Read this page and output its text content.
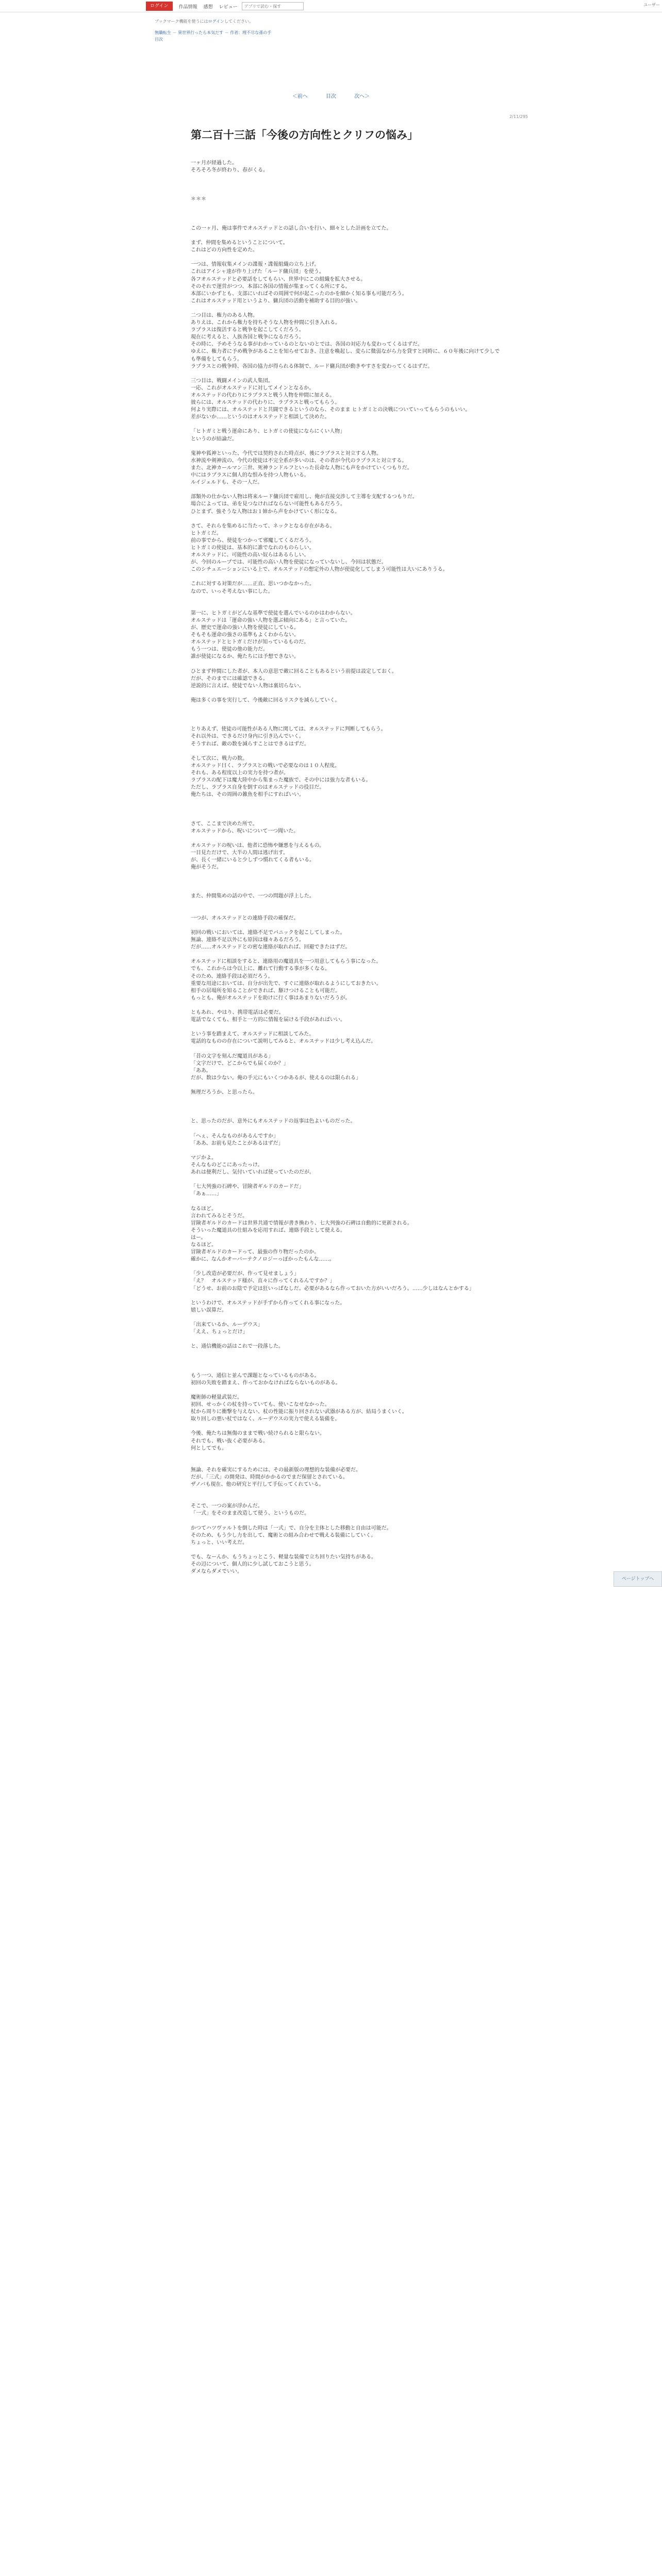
ログイン	作品情報 感想 レビュー
アプリで読む・探す	ユーザー
ブックマーク機能を使うにはログインしてください。
無職転生 － 異世界行ったら本気だす － 作者：理不尽な孫の手
目次
＜前へ	目次	次へ＞
2/11/295
第二百十三話「今後の方向性とクリフの悩み」
一ヶ月が経過した。
そろそろ冬が終わり、春がくる。
＊＊＊
この一ヶ月、俺は事件でオルステッドとの話し合いを行い、細々とした計画を立てた。
まず、仲間を集めるということについて。
これはどの方向性を定めた。
一つは、情報収集メインの諜報・諜報組織の立ち上げ。
これはアイシャ達が作り上げた「ルード傭兵団」を使う。
各フオルステッドと必要話をしてもらい、世界中にこの組織を拡大させる。
そのそれで運営がつつ、本部に各国の情報が集まってくる所にする。
本部にいかずとも、支部にいればその周囲で何が起こったのかを細かく知る事も可能だろう。
これはオルステッド用というより、傭兵団の活動を補助する目的が強い。
二つ目は、権力のある人物。
ありえは、これから権力を持ちそうな人物を仲間に引き入れる。
ラプラスは復活すると戦争を起こしてくだろう。
現在に考えると、人族各国と戦争になるだろう。
その時に、予めそうなる事がわかっているのとないのとでは、各国の対応力も変わってくるはずだ。
ゆえに、権力者に予め戦争があることを知らせておき、注意を喚起し、変らに微弱ながら力を貸すと同時に、６０年後に向けて少しでも準備をしてもらう。
ラプラスとの戦争時、各国の協力が得られる体制で、ルード傭兵団が動きやすさを変わってくるはずだ。
三つ目は、戦闘メインの武人集団。
一応、これがオルステッドに対してメインとなるか。
オルステッドの代わりにラプラスと戦う人物を仲間に加える。
彼らには、オルステッドの代わりに、ラプラスと戦ってもらう。
何より実際には、オルステッドと共闘できるというのなら、そのまま ヒトガミとの決戦についていってもらうのもいい。
差がないか……というのはオルステッドと相談して決めた。
「ヒトガミと戦う運命にあり、ヒトガミの使徒にならにくい人物」
というのが結論だ。
鬼神や狐神といった、今代では契約された時点が、後にラプラスと対立する人物。
水神流や剣神流の、今代の使徒は不完全系が多いのは、その者が今代のラプラスと対立する。
また、北神カールマン三世、死神ランドルフといった長命な人物にも声をかけていくつもりだ。
中にはラプラスに個人的な恨みを持つ人物もいる。
ルイジェルドも、その一人だ。
部類外の仕かない人物は将来ルード傭兵団で雇用し、俺が直接交渉して主導を支配するつもりだ。
場合によっては、弟を見つなければならない可能性もあるだろう。
ひとまず、強そうな人物はお１姉から声をかけていく形になる。
さて、それらを集めるに当たって、ネックとなる存在がある。
ヒトガミだ。
前の事でから、使徒をつかって邪魔してくるだろう。
ヒトガミの使徒は、基本的に誰でなれのものらしい。
オルステッドに、可能性の高い奴らはあるらしい。
が、今回のループでは、可能性の高い人物を使徒になっていないし、今回は状態だ。
このシチュエーションにいる上で、オルステッドの想定外の人物が使徒化してしまう可能性は大いにありうる。
これに対する対策だが……正直、思いつかなかった。
なので、いっそ考えない事にした。
第一に、ヒトガミがどんな基準で使徒を選んでいるのかはわからない。
オルステッドは「運命の強い人物を選ぶ傾向にある」と言っていた。
が、歴史で運命の強い人物を使徒にしている。
そもそも運命の強さの基準もよくわからない。
オルステッドとヒトガミだけが知っているものだ。
もう一つは、使徒の他の能力だ。
誰が使徒になるか、俺たちには予想できない。
ひとまず仲間にした者が、本人の意思で敵に回ることもあるという前提は設定しておく。
だが、そのまでには確認できる。
逆説的に言えば、使徒でない人物は裏切らない。
俺は多くの事を実行して、今後敵に回るリスクを減らしていく。
とりあえず、使徒の可能性がある人物に関しては、オルステッドに判断してもらう。
それ以外は、できるだけ身内に引き込んでいく。
そうすれば、敵の数を減らすことはできるはずだ。
そして次に、戦力の数。
オルステッド曰く、ラプラスとの戦いで必要なのは１０人程度。
それも、ある程度以上の実力を持つ者が。
ラプラスの配下は魔大陸中から集まった魔族で、その中には強力な者もいる。
ただし、ラプラス自身を倒すのはオルステッドの役目だ。
俺たちは、その周囲の雑魚を相手にすればいい。
さて、ここまで決めた所で。
オルステッドから、呪いについて一つ聞いた。
オルステッドの呪いは、他者に恐怖や嫌悪を与えるもの。
一目見ただけで、大半の人間は逃げ出す。
が、長く一緒にいると少しずつ慣れてくる者もいる。
俺がそうだ。
また、仲間集めの話の中で、一つの問題が浮上した。
一つが、オルステッドとの連絡手段の確保だ。
初回の戦いにおいては、連絡不足でパニックを起こしてしまった。
無論、連絡不足以外にも原因は様々あるだろう。
だが……オルステッドとの密な連絡が取れれば、回避できたはずだ。
オルステッドに相談をすると、連絡用の魔道具を一つ用意してもらう事になった。
でも、これからは今以上に、離れて行動する事が多くなる。
そのため、連絡手段は必須だろう。
重要な用途においては、自分が出先で、すぐに連絡が取れるようにしておきたい。
相手の居場所を知ることができれば、駆けつけることも可能だ。
もっとも、俺がオルステッドを助けに行く事はあまりないだろうが。
ともあれ、やはり、携帯電話は必要だ。
電話でなくても、相手と一方的に情報を届ける手段があればいい。
という事を踏まえて、オルステッドに相談してみた。
電話的なものの存在について説明してみると、オルステッドは少し考え込んだ。
「昔の文字を刻んだ魔道具がある」
「文字だけで、どこからでも届くのか？」
「ああ。
だが、数は少ない。俺の手元にもいくつかあるが、使えるのは限られる」
無理だろうか、と思ったら。
と、思ったのだが、意外にもオルステッドの返事は色よいものだった。
「へぇ、そんなものがあるんですか」
「ああ、お前も見たことがあるはずだ」
マジかよ。
そんなものどこにあったっけ。
あれは便利だし、気付いていれば使っていたのだが。
「七大列強の石碑や、冒険者ギルドのカードだ」
「あぁ……」
なるほど。
言われてみるとそうだ。
冒険者ギルドのカードは世界共通で情報が書き換わり、七大列強の石碑は自動的に更新される。
そういった魔道具の仕組みを応用すれば、連絡手段として使える。
はー。
なるほど。
冒険者ギルドのカードって、最強の作り物だったのか。
確かに、なんかオーバーテクノロジーっぽかったもんな……。
「少し改造が必要だが、作って見せましょう」
「え？　オルステッド様が、直々に作ってくれるんですか？」
「どうせ、お前のお陰で予定は狂いっぱなしだ。必要があるなら作っておいた方がいいだろう。……少しはなんとかする」
というわけで、オルステッドが手ずから作ってくれる事になった。
嬉しい誤算だ。
「出来ているか、ルーデウス」
「ええ、ちょっとだけ」
と、通信機能の話はこれで一段落した。
もう一つ、通信と並んで課題となっているものがある。
初回の失敗を踏まえ、作っておかなければならないものがある。
魔術師の軽量武装だ。
初回、せっかくの杖を持っていても、使いこなせなかった。
杖から周りに衝撃を与えない、杖の性能に振り回されない武器がある方が、結局うまくいく。
取り回しの悪い杖ではなく、ルーデウスの実力で使える装備を。
今後、俺たちは無傷のままで戦い続けられると限らない。
それでも、戦い抜く必要がある。
何としてでも。
無論、それを確実にするためには、その最新版の理想的な装備が必要だ。
だが、「三式」の開発は、時間がかかるのでまだ保留とされている。
ザノバも現在、他の研究と平行して手伝ってくれている。
そこで、一つの案が浮かんだ。
「一式」をそのまま改造して使う、というものだ。
かつてハツヴァルトを倒した時は「一式」で、自分を主体とした移動と自由は可能だ。
そのため、もう少し力を出して、魔術との組み合わせで戦える装備にしていく。
ちょっと、いい考えだ。
でも、なーんか、もうちょっとこう、軽量な装備で立ち回りたい気持ちがある。
その辺について、個人的に少し試しておこうと思う。
ダメならダメでいい。
ページトップへ
